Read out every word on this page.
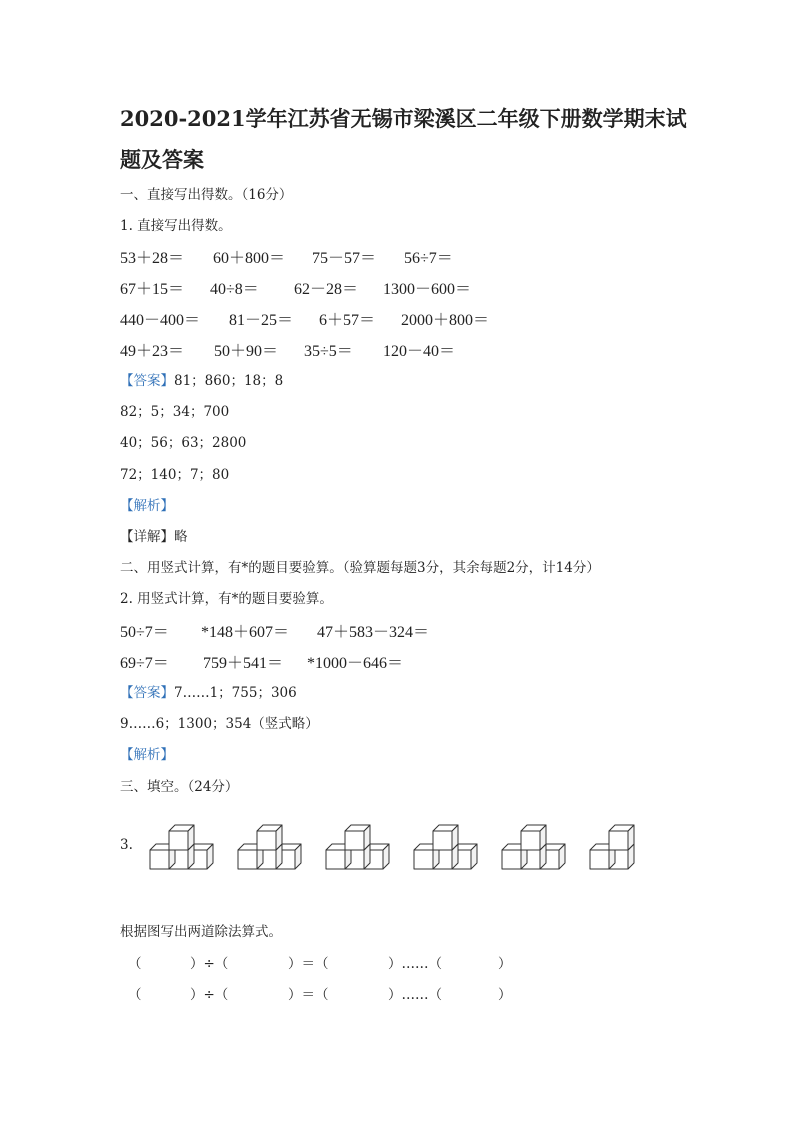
2020-2021学年江苏省无锡市梁溪区二年级下册数学期末试
题及答案
一、直接写出得数。（16分）
1. 直接写出得数。
53＋28＝ 60＋800＝ 75－57＝ 56÷7＝
67＋15＝ 40÷8＝ 62－28＝ 1300－600＝
440－400＝ 81－25＝ 6＋57＝ 2000＋800＝
49＋23＝ 50＋90＝ 35÷5＝ 120－40＝
【答案】81；860；18；8
82；5；34；700
40；56；63；2800
72；140；7；80
【解析】
【详解】略
二、用竖式计算，有*的题目要验算。（验算题每题3分，其余每题2分，计14分）
2. 用竖式计算，有*的题目要验算。
50÷7＝ *148＋607＝ 47＋583－324＝
69÷7＝ 759＋541＝ *1000－646＝
【答案】7……1；755；306
9……6；1300；354（竖式略）
【解析】
三、填空。（24分）
3.
根据图写出两道除法算式。
（	）÷（	）＝（	）……（	）
（	）÷（	）＝（	）……（	）
